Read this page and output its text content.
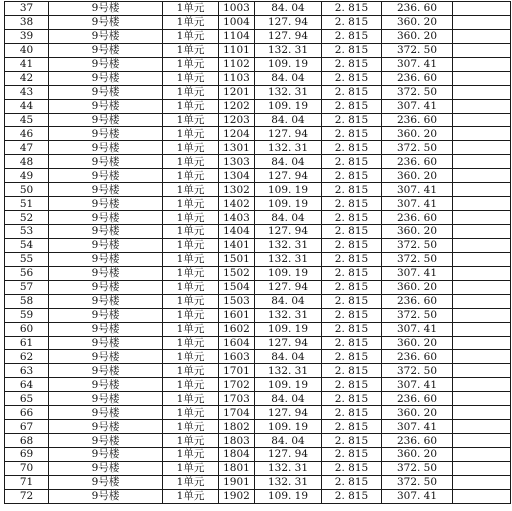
37	9号楼	1单元	1003	84. 04	2. 815	236. 60	
38	9号楼	1单元	1004	127. 94	2. 815	360. 20	
39	9号楼	1单元	1104	127. 94	2. 815	360. 20	
40	9号楼	1单元	1101	132. 31	2. 815	372. 50	
41	9号楼	1单元	1102	109. 19	2. 815	307. 41	
42	9号楼	1单元	1103	84. 04	2. 815	236. 60	
43	9号楼	1单元	1201	132. 31	2. 815	372. 50	
44	9号楼	1单元	1202	109. 19	2. 815	307. 41	
45	9号楼	1单元	1203	84. 04	2. 815	236. 60	
46	9号楼	1单元	1204	127. 94	2. 815	360. 20	
47	9号楼	1单元	1301	132. 31	2. 815	372. 50	
48	9号楼	1单元	1303	84. 04	2. 815	236. 60	
49	9号楼	1单元	1304	127. 94	2. 815	360. 20	
50	9号楼	1单元	1302	109. 19	2. 815	307. 41	
51	9号楼	1单元	1402	109. 19	2. 815	307. 41	
52	9号楼	1单元	1403	84. 04	2. 815	236. 60	
53	9号楼	1单元	1404	127. 94	2. 815	360. 20	
54	9号楼	1单元	1401	132. 31	2. 815	372. 50	
55	9号楼	1单元	1501	132. 31	2. 815	372. 50	
56	9号楼	1单元	1502	109. 19	2. 815	307. 41	
57	9号楼	1单元	1504	127. 94	2. 815	360. 20	
58	9号楼	1单元	1503	84. 04	2. 815	236. 60	
59	9号楼	1单元	1601	132. 31	2. 815	372. 50	
60	9号楼	1单元	1602	109. 19	2. 815	307. 41	
61	9号楼	1单元	1604	127. 94	2. 815	360. 20	
62	9号楼	1单元	1603	84. 04	2. 815	236. 60	
63	9号楼	1单元	1701	132. 31	2. 815	372. 50	
64	9号楼	1单元	1702	109. 19	2. 815	307. 41	
65	9号楼	1单元	1703	84. 04	2. 815	236. 60	
66	9号楼	1单元	1704	127. 94	2. 815	360. 20	
67	9号楼	1单元	1802	109. 19	2. 815	307. 41	
68	9号楼	1单元	1803	84. 04	2. 815	236. 60	
69	9号楼	1单元	1804	127. 94	2. 815	360. 20	
70	9号楼	1单元	1801	132. 31	2. 815	372. 50	
71	9号楼	1单元	1901	132. 31	2. 815	372. 50	
72	9号楼	1单元	1902	109. 19	2. 815	307. 41	
